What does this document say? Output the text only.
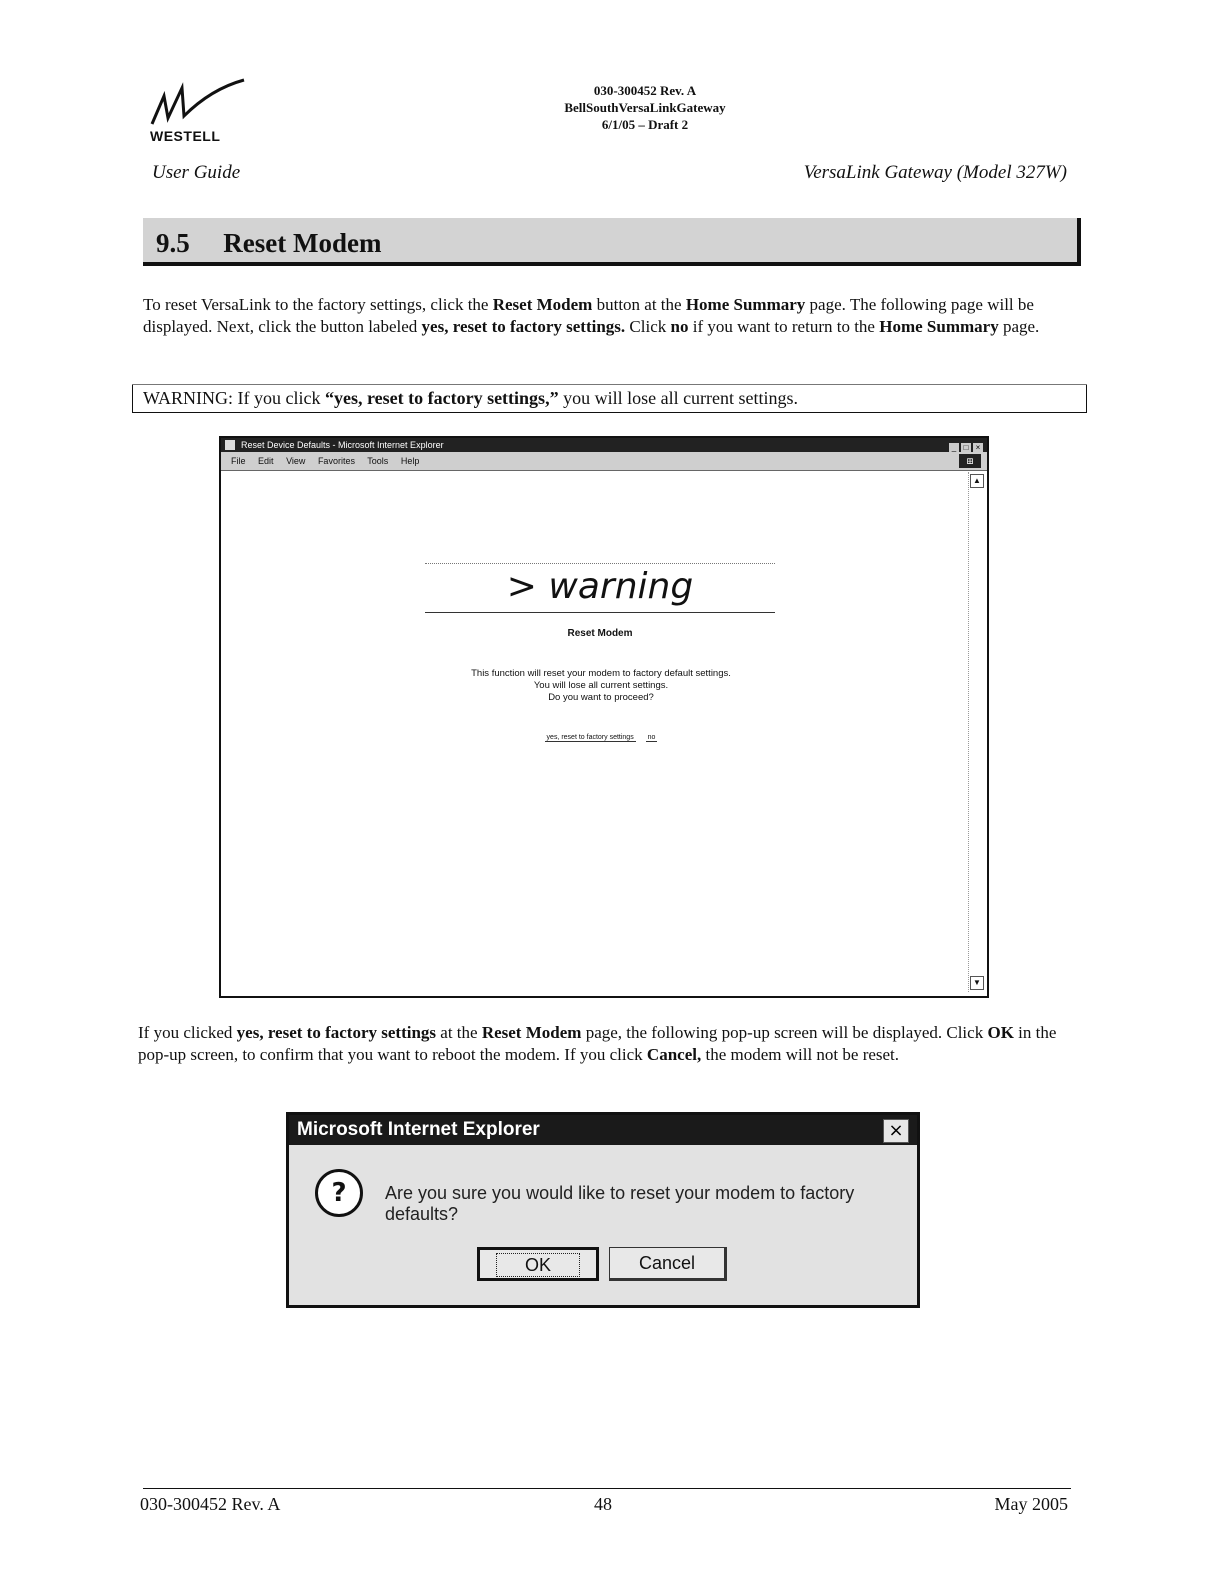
WESTELL
030-300452 Rev. A
BellSouthVersaLinkGateway
6/1/05 – Draft 2
User Guide	VersaLink Gateway (Model 327W)
9.5 Reset Modem
To reset VersaLink to the factory settings, click the Reset Modem button at the Home Summary page. The following page will be displayed. Next, click the button labeled yes, reset to factory settings. Click no if you want to return to the Home Summary page.
WARNING: If you click “yes, reset to factory settings,” you will lose all current settings.
Reset Device Defaults - Microsoft Internet Explorer	_ □ ×
File Edit View Favorites Tools Help	⊞
▲
▼
> warning
Reset Modem
This function will reset your modem to factory default settings.
You will lose all current settings.
Do you want to proceed?
yes, reset to factory settings no
If you clicked yes, reset to factory settings at the Reset Modem page, the following pop-up screen will be displayed. Click OK in the pop-up screen, to confirm that you want to reboot the modem. If you click Cancel, the modem will not be reset.
Microsoft Internet Explorer	×
?	Are you sure you would like to reset your modem to factory defaults?
OK	Cancel
030-300452 Rev. A	48	May 2005
